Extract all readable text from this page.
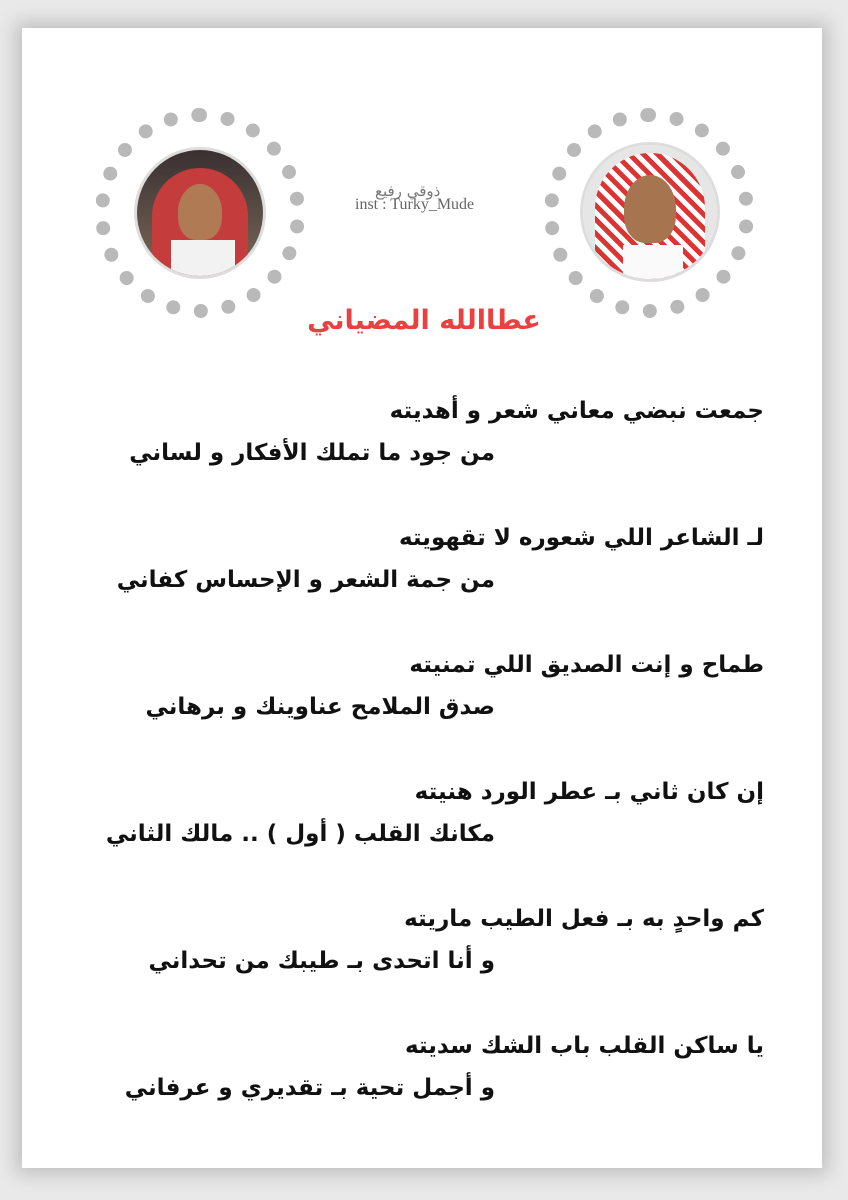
ذوقي رفيع
inst : Turky_Mude
عطاالله المضياني
جمعت نبضي معاني شعر و أهديته
من جود ما تملك الأفكار و لساني
لـ الشاعر اللي شعوره لا تقهويته
من جمة الشعر و الإحساس كفاني
طماح و إنت الصديق اللي تمنيته
صدق الملامح عناوينك و برهاني
إن كان ثاني بـ عطر الورد هنيته
مكانك القلب ( أول ) .. مالك الثاني
كم واحدٍ به بـ فعل الطيب ماريته
و أنا اتحدى بـ طيبك من تحداني
يا ساكن القلب باب الشك سديته
و أجمل تحية بـ تقديري و عرفاني
